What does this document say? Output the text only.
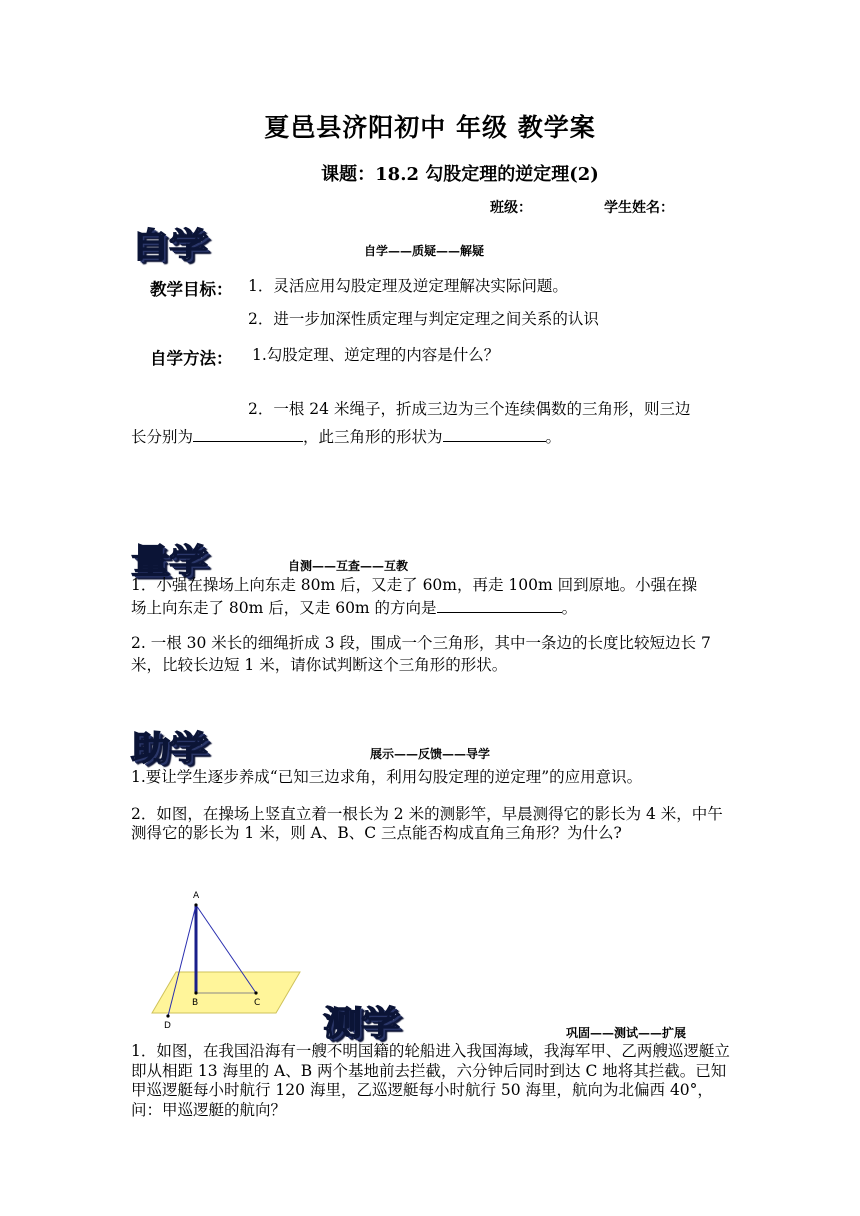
夏邑县济阳初中 年级 教学案
课题：18.2 勾股定理的逆定理(2)
班级：	学生姓名：
自学	自学——质疑——解疑
教学目标： 1．灵活应用勾股定理及逆定理解决实际问题。
2．进一步加深性质定理与判定定理之间关系的认识
自学方法： 1.勾股定理、逆定理的内容是什么？
2．一根 24 米绳子，折成三边为三个连续偶数的三角形，则三边
长分别为	，此三角形的形状为	。
量学	自测——互查——互教
1．小强在操场上向东走 80m 后，又走了 60m，再走 100m 回到原地。小强在操
场上向东走了 80m 后，又走 60m 的方向是	。
2. 一根 30 米长的细绳折成 3 段，围成一个三角形，其中一条边的长度比较短边长 7 米，比较长边短 1 米，请你试判断这个三角形的形状。
助学	展示——反馈——导学
1.要让学生逐步养成“已知三边求角，利用勾股定理的逆定理”的应用意识。
2．如图，在操场上竖直立着一根长为 2 米的测影竿，早晨测得它的影长为 4 米，中午测得它的影长为 1 米，则 A、B、C 三点能否构成直角三角形？为什么?
A
B	C
D	测学	巩固——测试——扩展
1．如图，在我国沿海有一艘不明国籍的轮船进入我国海域，我海军甲、乙两艘巡逻艇立即从相距 13 海里的 A、B 两个基地前去拦截，六分钟后同时到达 C 地将其拦截。已知甲巡逻艇每小时航行 120 海里，乙巡逻艇每小时航行 50 海里，航向为北偏西 40°，问：甲巡逻艇的航向？
